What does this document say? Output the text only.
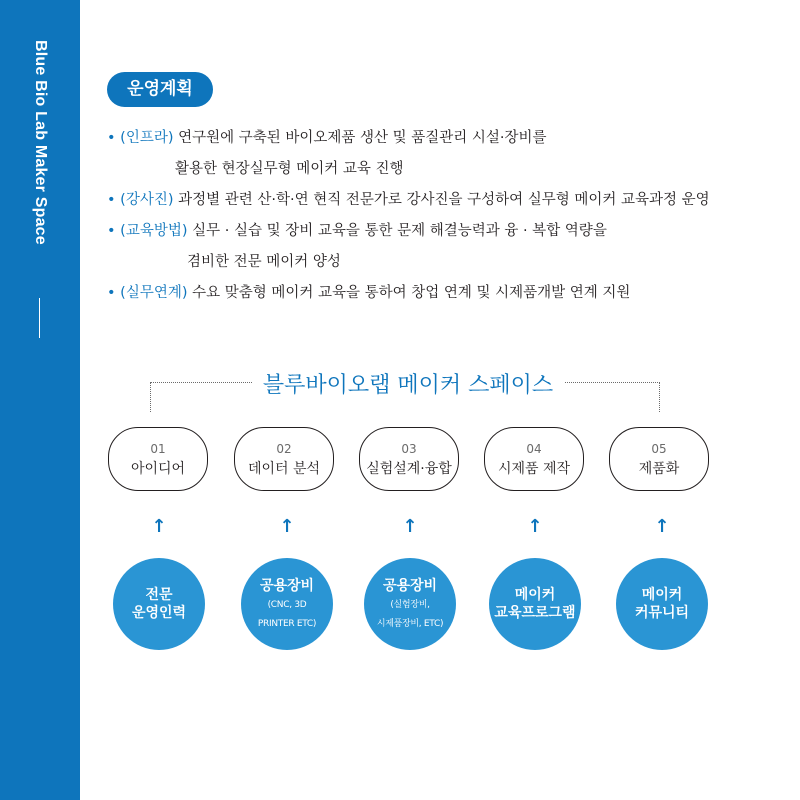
Blue Bio Lab Maker Space	운영계획
• (인프라) 연구원에 구축된 바이오제품 생산 및 품질관리 시설·장비를
활용한 현장실무형 메이커 교육 진행
• (강사진) 과정별 관련 산·학·연 현직 전문가로 강사진을 구성하여 실무형 메이커 교육과정 운영
• (교육방법) 실무 · 실습 및 장비 교육을 통한 문제 해결능력과 융 · 복합 역량을
겸비한 전문 메이커 양성
• (실무연계) 수요 맞춤형 메이커 교육을 통하여 창업 연계 및 시제품개발 연계 지원
블루바이오랩 메이커 스페이스
01
아이디어
02
데이터 분석
03
실험설계·융합
04
시제품 제작
05
제품화
↑	↑	↑	↑	↑
전문
운영인력
공용장비
(CNC, 3D
PRINTER ETC)
공용장비
(실험장비,
시제품장비, ETC)
메이커
교육프로그램
메이커
커뮤니티
